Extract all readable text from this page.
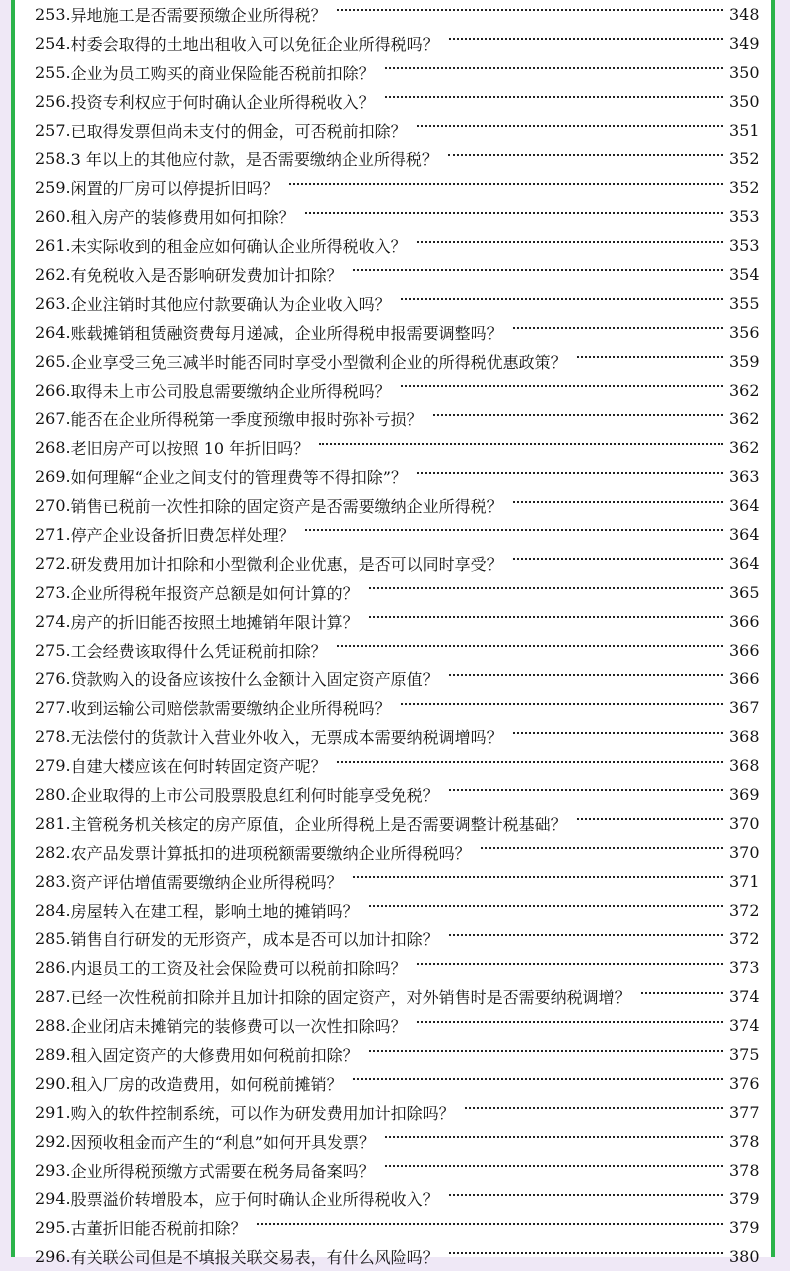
253. 异地施工是否需要预缴企业所得税？	348
254. 村委会取得的土地出租收入可以免征企业所得税吗？	349
255. 企业为员工购买的商业保险能否税前扣除？	350
256. 投资专利权应于何时确认企业所得税收入？	350
257. 已取得发票但尚未支付的佣金，可否税前扣除？	351
258. 3 年以上的其他应付款，是否需要缴纳企业所得税？	352
259. 闲置的厂房可以停提折旧吗？	352
260. 租入房产的装修费用如何扣除？	353
261. 未实际收到的租金应如何确认企业所得税收入？	353
262. 有免税收入是否影响研发费加计扣除？	354
263. 企业注销时其他应付款要确认为企业收入吗？	355
264. 账载摊销租赁融资费每月递减，企业所得税申报需要调整吗？	356
265. 企业享受三免三减半时能否同时享受小型微利企业的所得税优惠政策？	359
266. 取得未上市公司股息需要缴纳企业所得税吗？	362
267. 能否在企业所得税第一季度预缴申报时弥补亏损？	362
268. 老旧房产可以按照 10 年折旧吗？	362
269. 如何理解“企业之间支付的管理费等不得扣除”？	363
270. 销售已税前一次性扣除的固定资产是否需要缴纳企业所得税？	364
271. 停产企业设备折旧费怎样处理？	364
272. 研发费用加计扣除和小型微利企业优惠，是否可以同时享受？	364
273. 企业所得税年报资产总额是如何计算的？	365
274. 房产的折旧能否按照土地摊销年限计算？	366
275. 工会经费该取得什么凭证税前扣除？	366
276. 贷款购入的设备应该按什么金额计入固定资产原值？	366
277. 收到运输公司赔偿款需要缴纳企业所得税吗？	367
278. 无法偿付的货款计入营业外收入，无票成本需要纳税调增吗？	368
279. 自建大楼应该在何时转固定资产呢？	368
280. 企业取得的上市公司股票股息红利何时能享受免税？	369
281. 主管税务机关核定的房产原值，企业所得税上是否需要调整计税基础？	370
282. 农产品发票计算抵扣的进项税额需要缴纳企业所得税吗？	370
283. 资产评估增值需要缴纳企业所得税吗？	371
284. 房屋转入在建工程，影响土地的摊销吗？	372
285. 销售自行研发的无形资产，成本是否可以加计扣除？	372
286. 内退员工的工资及社会保险费可以税前扣除吗？	373
287. 已经一次性税前扣除并且加计扣除的固定资产，对外销售时是否需要纳税调增？	374
288. 企业闭店未摊销完的装修费可以一次性扣除吗？	374
289. 租入固定资产的大修费用如何税前扣除？	375
290. 租入厂房的改造费用，如何税前摊销？	376
291. 购入的软件控制系统，可以作为研发费用加计扣除吗？	377
292. 因预收租金而产生的“利息”如何开具发票？	378
293. 企业所得税预缴方式需要在税务局备案吗？	378
294. 股票溢价转增股本，应于何时确认企业所得税收入？	379
295. 古董折旧能否税前扣除？	379
296. 有关联公司但是不填报关联交易表，有什么风险吗？	380
